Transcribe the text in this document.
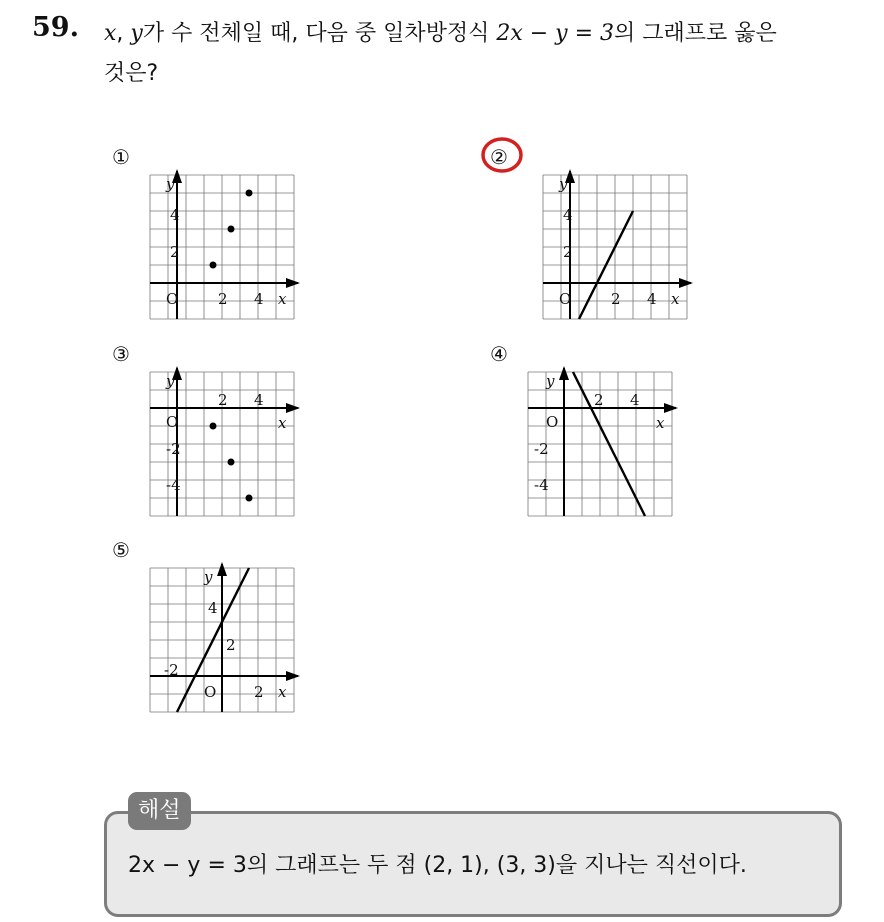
59. x, y가 수 전체일 때, 다음 중 일차방정식 2x − y = 3의 그래프로 옳은
것은?
①	②
③	④
⑤
4
2
2 4
O	x
y
4
2
2 4
O	x
y
-2
-4
2 4
O	x
y
-2
-4
2 4
O	x
y
4
2
-2
2
O	x
y
해설
2x − y = 3의 그래프는 두 점 (2, 1), (3, 3)을 지나는 직선이다.
